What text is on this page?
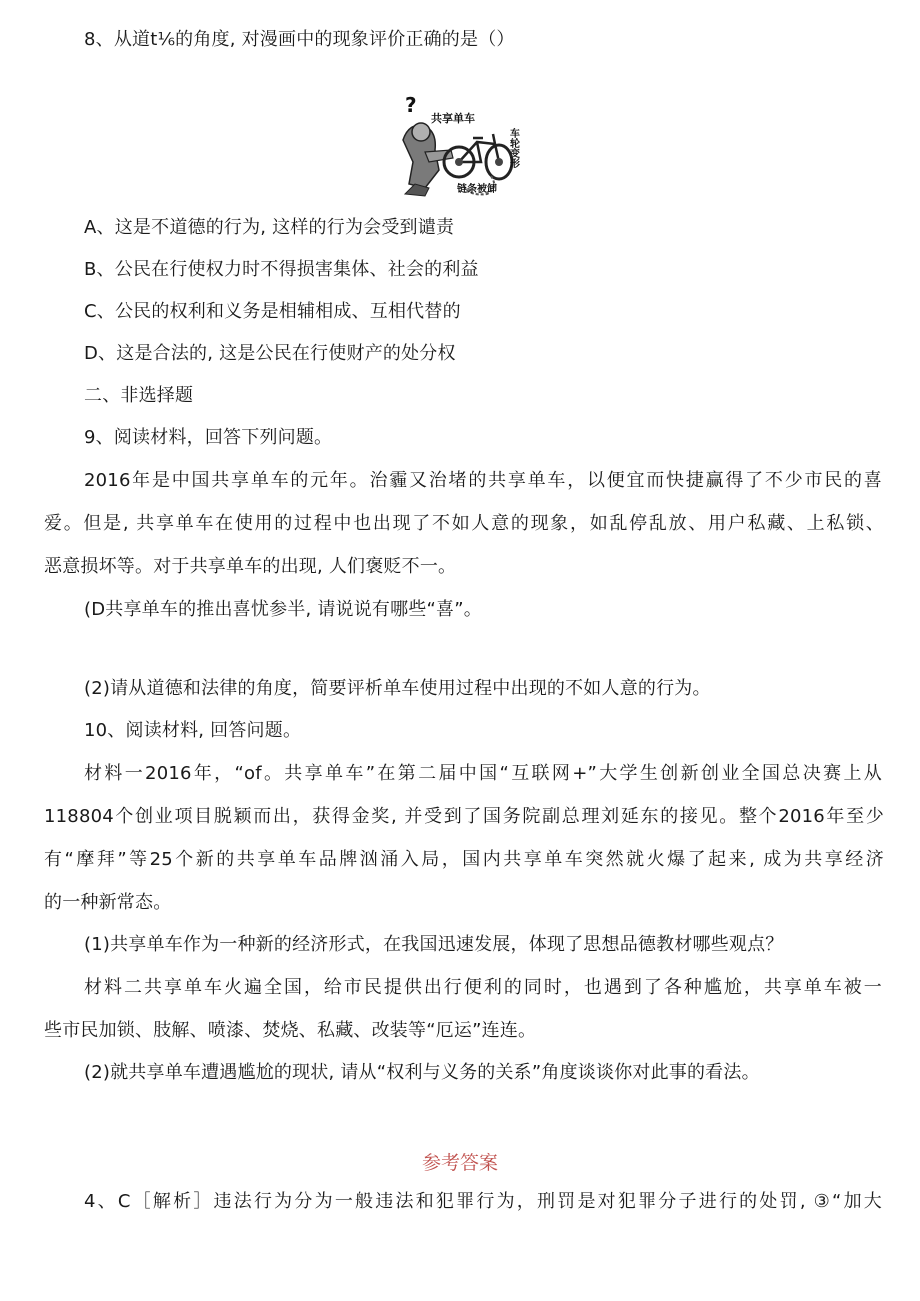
8、从道t⅙的角度, 对漫画中的现象评价正确的是（）
?
共享单车
车轮变形
链条被卸
A、这是不道德的行为, 这样的行为会受到谴责
B、公民在行使权力时不得损害集体、社会的利益
C、公民的权利和义务是相辅相成、互相代替的
D、这是合法的, 这是公民在行使财产的处分权
二、非选择题
9、阅读材料，回答下列问题。
2016年是中国共享单车的元年。治霾又治堵的共享单车，以便宜而快捷赢得了不少市民的喜
爱。但是, 共享单车在使用的过程中也出现了不如人意的现象，如乱停乱放、用户私藏、上私锁、
恶意损坏等。对于共享单车的出现, 人们褒贬不一。
(D共享单车的推出喜忧参半, 请说说有哪些“喜”。
(2)请从道德和法律的角度，简要评析单车使用过程中出现的不如人意的行为。
10、阅读材料, 回答问题。
材料一2016年，“of。共享单车”在第二届中国“互联网+”大学生创新创业全国总决赛上从
118804个创业项目脱颖而出，获得金奖, 并受到了国务院副总理刘延东的接见。整个2016年至少
有“摩拜”等25个新的共享单车品牌汹涌入局，国内共享单车突然就火爆了起来, 成为共享经济
的一种新常态。
(1)共享单车作为一种新的经济形式，在我国迅速发展，体现了思想品德教材哪些观点？
材料二共享单车火遍全国，给市民提供出行便利的同时，也遇到了各种尴尬，共享单车被一
些市民加锁、肢解、喷漆、焚烧、私藏、改装等“厄运”连连。
(2)就共享单车遭遇尴尬的现状, 请从“权利与义务的关系”角度谈谈你对此事的看法。
参考答案
4、C［解析］违法行为分为一般违法和犯罪行为，刑罚是对犯罪分子进行的处罚, ③“加大
